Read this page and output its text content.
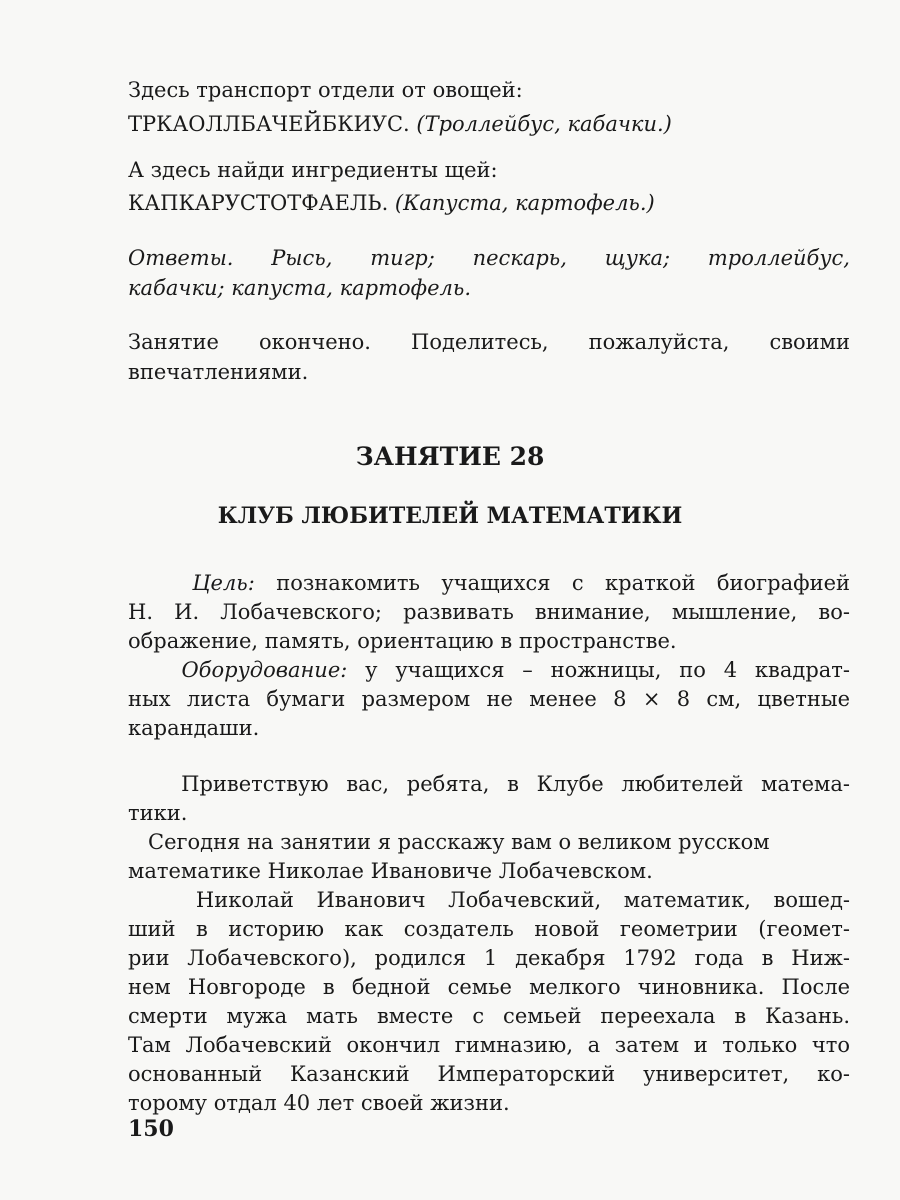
Здесь транспорт отдели от овощей:
ТРКАОЛЛБАЧЕЙБКИУС. (Троллейбус, кабачки.)
А здесь найди ингредиенты щей:
КАПКАРУСТОТФАЕЛЬ. (Капуста, картофель.)
Ответы. Рысь, тигр; пескарь, щука; троллейбус,
кабачки; капуста, картофель.
Занятие окончено. Поделитесь, пожалуйста, своими
впечатлениями.
Цель: познакомить учащихся с краткой биографией
Н. И. Лобачевского; развивать внимание, мышление, во-
ображение, память, ориентацию в пространстве.
Оборудование: у учащихся – ножницы, по 4 квадрат-
ных листа бумаги размером не менее 8 × 8 см, цветные
карандаши.
Приветствую вас, ребята, в Клубе любителей матема-
тики.
Сегодня на занятии я расскажу вам о великом русском
математике Николае Ивановиче Лобачевском.
Николай Иванович Лобачевский, математик, вошед-
ший в историю как создатель новой геометрии (геомет-
рии Лобачевского), родился 1 декабря 1792 года в Ниж-
нем Новгороде в бедной семье мелкого чиновника. После
смерти мужа мать вместе с семьей переехала в Казань.
Там Лобачевский окончил гимназию, а затем и только что
основанный Казанский Императорский университет, ко-
торому отдал 40 лет своей жизни.
ЗАНЯТИЕ 28
КЛУБ ЛЮБИТЕЛЕЙ МАТЕМАТИКИ
150
